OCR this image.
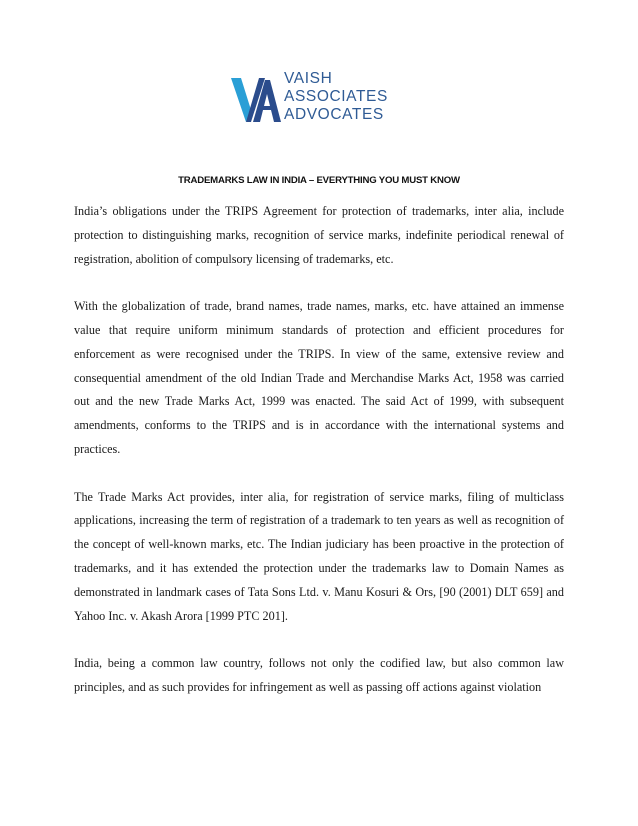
VAISH
ASSOCIATES
ADVOCATES
TRADEMARKS LAW IN INDIA – EVERYTHING YOU MUST KNOW

India’s obligations under the TRIPS Agreement for protection of trademarks, inter alia, include protection to distinguishing marks, recognition of service marks, indefinite periodical renewal of registration, abolition of compulsory licensing of trademarks, etc.

With the globalization of trade, brand names, trade names, marks, etc. have attained an immense value that require uniform minimum standards of protection and efficient procedures for enforcement as were recognised under the TRIPS. In view of the same, extensive review and consequential amendment of the old Indian Trade and Merchandise Marks Act, 1958 was carried out and the new Trade Marks Act, 1999 was enacted. The said Act of 1999, with subsequent amendments, conforms to the TRIPS and is in accordance with the international systems and practices.

The Trade Marks Act provides, inter alia, for registration of service marks, filing of multiclass applications, increasing the term of registration of a trademark to ten years as well as recognition of the concept of well-known marks, etc. The Indian judiciary has been proactive in the protection of trademarks, and it has extended the protection under the trademarks law to Domain Names as demonstrated in landmark cases of Tata Sons Ltd. v. Manu Kosuri & Ors, [90 (2001) DLT 659] and Yahoo Inc. v. Akash Arora [1999 PTC 201].

India, being a common law country, follows not only the codified law, but also common law principles, and as such provides for infringement as well as passing off actions against violation
